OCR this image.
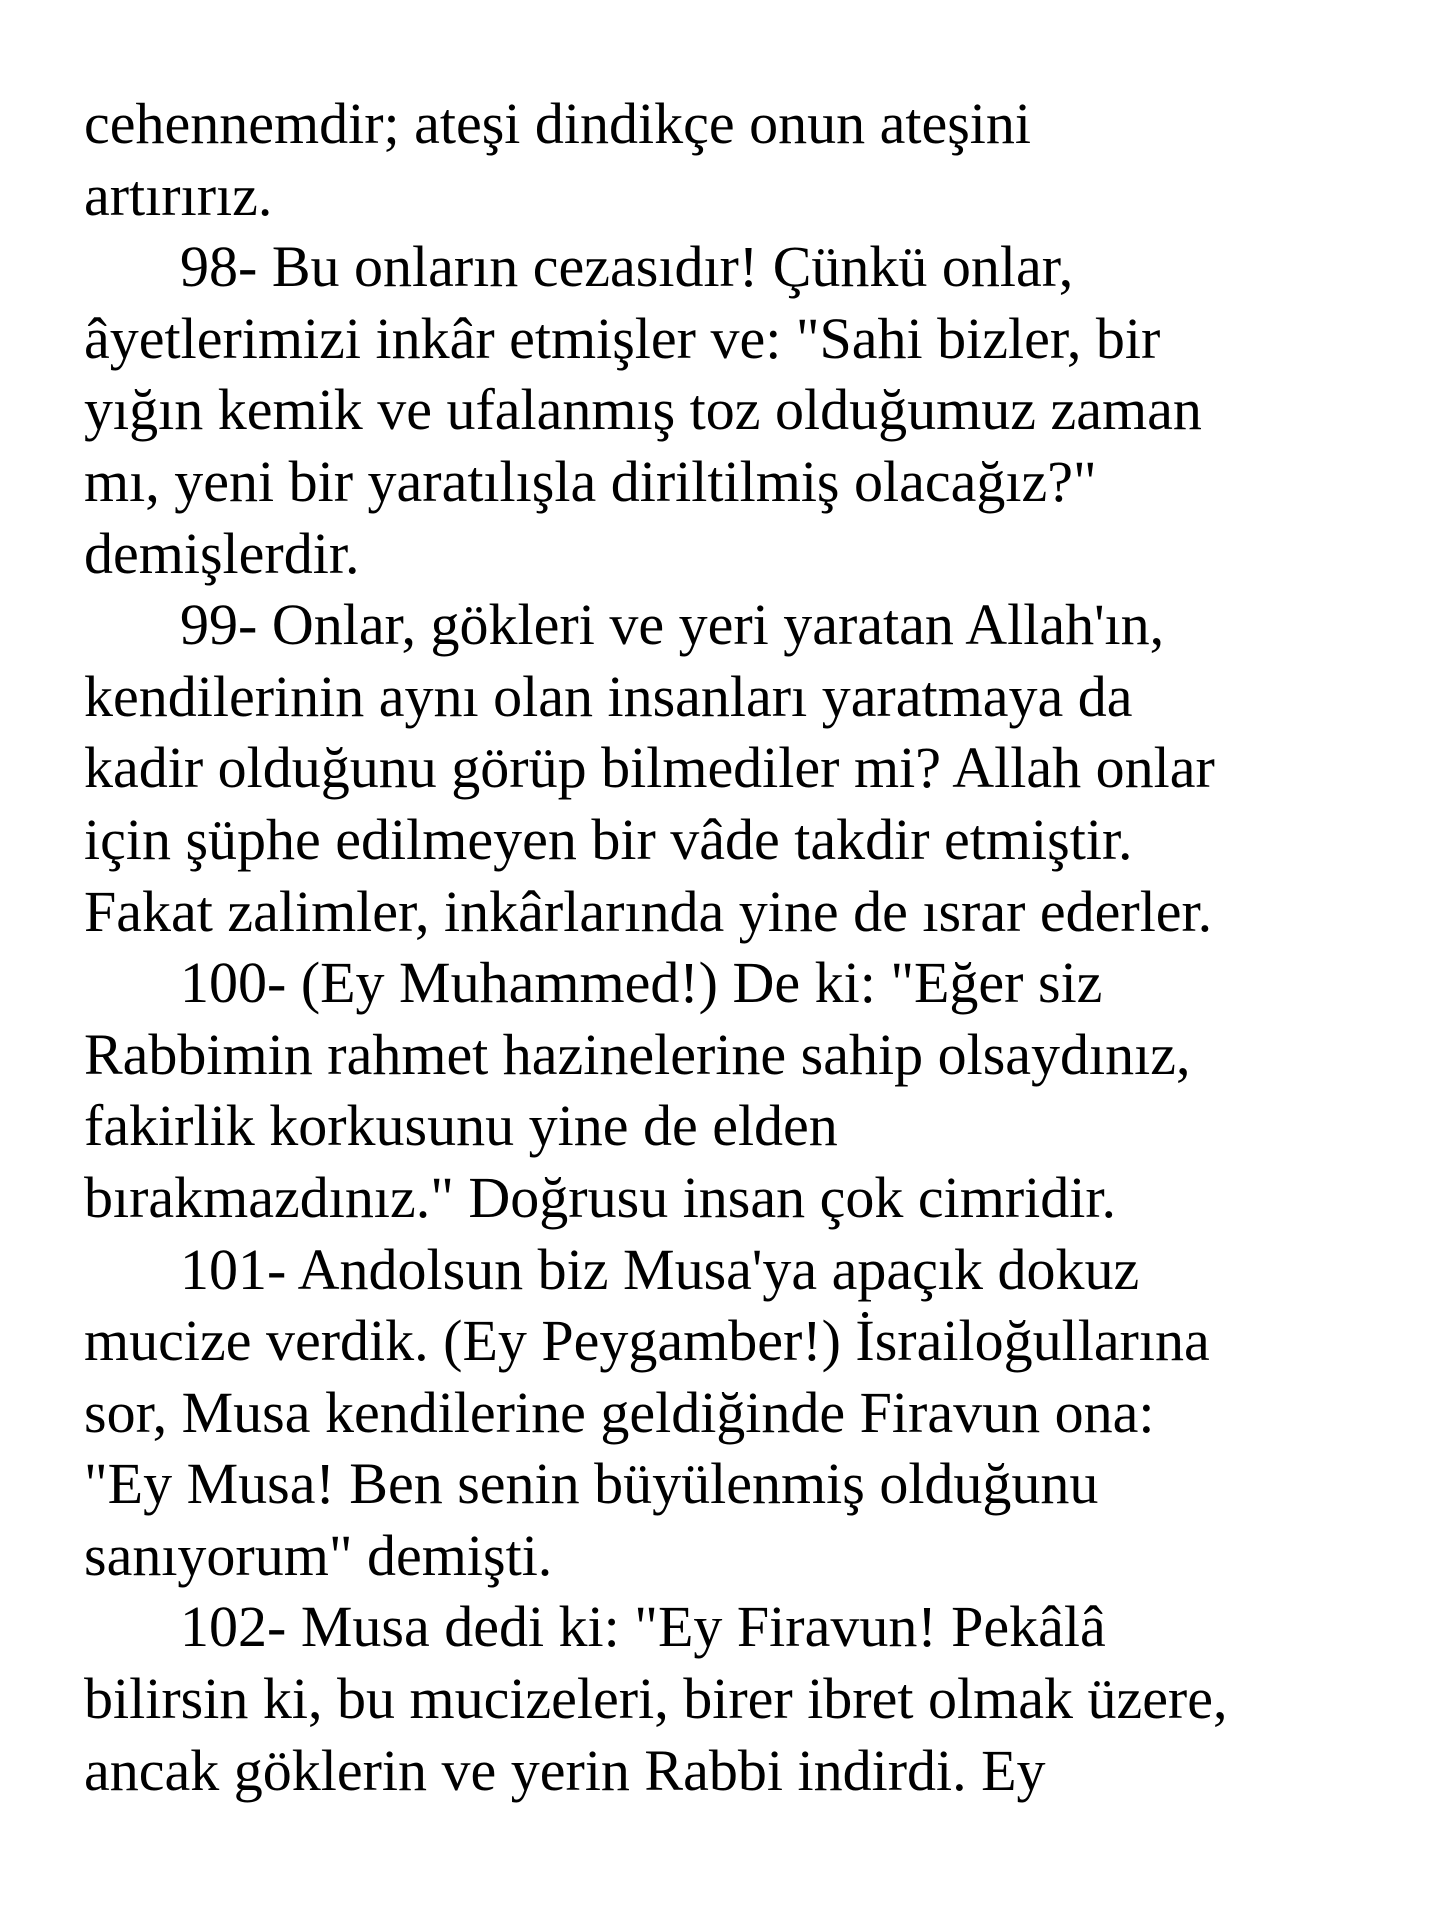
cehennemdir; ateşi dindikçe onun ateşini
artırırız.
98- Bu onların cezasıdır! Çünkü onlar,
âyetlerimizi inkâr etmişler ve: "Sahi bizler, bir
yığın kemik ve ufalanmış toz olduğumuz zaman
mı, yeni bir yaratılışla diriltilmiş olacağız?"
demişlerdir.
99- Onlar, gökleri ve yeri yaratan Allah'ın,
kendilerinin aynı olan insanları yaratmaya da
kadir olduğunu görüp bilmediler mi? Allah onlar
için şüphe edilmeyen bir vâde takdir etmiştir.
Fakat zalimler, inkârlarında yine de ısrar ederler.
100- (Ey Muhammed!) De ki: "Eğer siz
Rabbimin rahmet hazinelerine sahip olsaydınız,
fakirlik korkusunu yine de elden
bırakmazdınız." Doğrusu insan çok cimridir.
101- Andolsun biz Musa'ya apaçık dokuz
mucize verdik. (Ey Peygamber!) İsrailoğullarına
sor, Musa kendilerine geldiğinde Firavun ona:
"Ey Musa! Ben senin büyülenmiş olduğunu
sanıyorum" demişti.
102- Musa dedi ki: "Ey Firavun! Pekâlâ
bilirsin ki, bu mucizeleri, birer ibret olmak üzere,
ancak göklerin ve yerin Rabbi indirdi. Ey
